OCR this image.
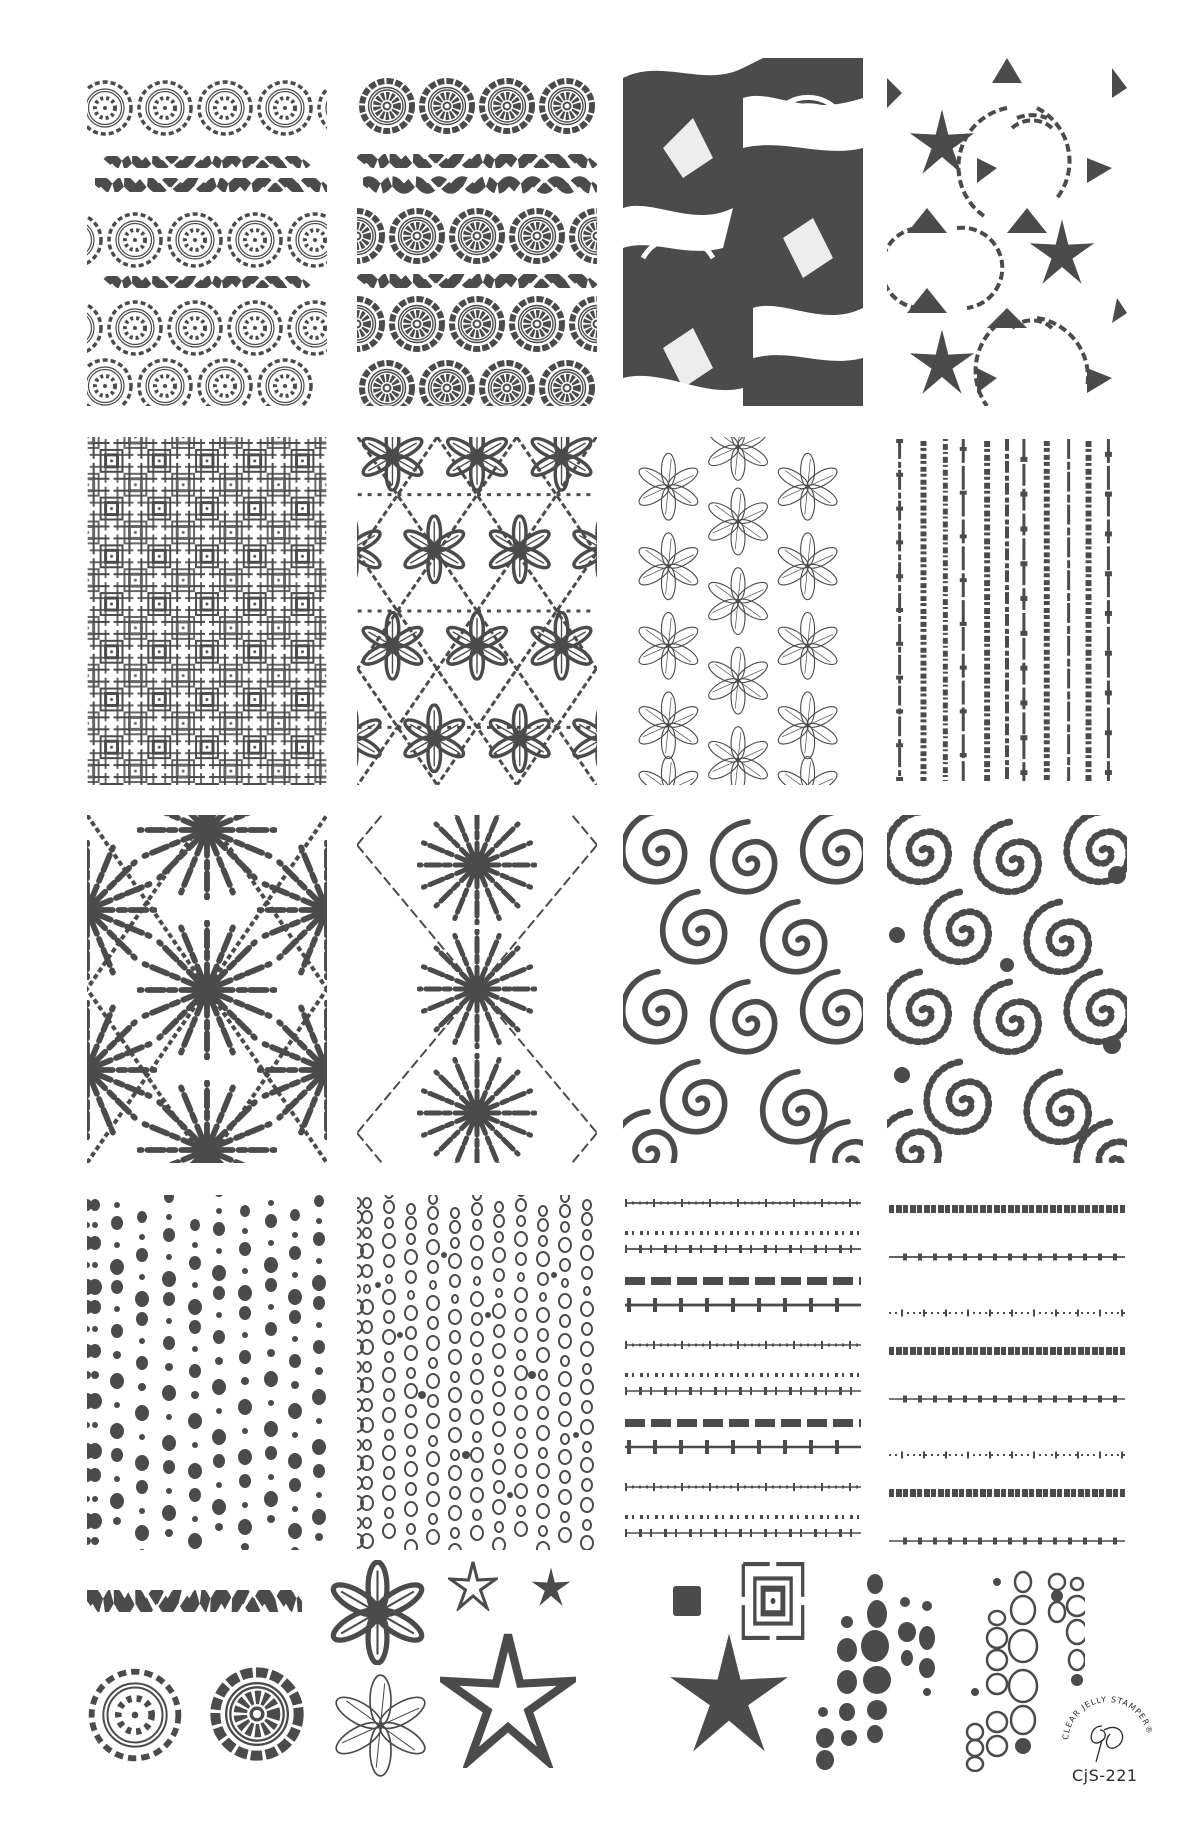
CLEAR JELLY STAMPER®
CjS-221
